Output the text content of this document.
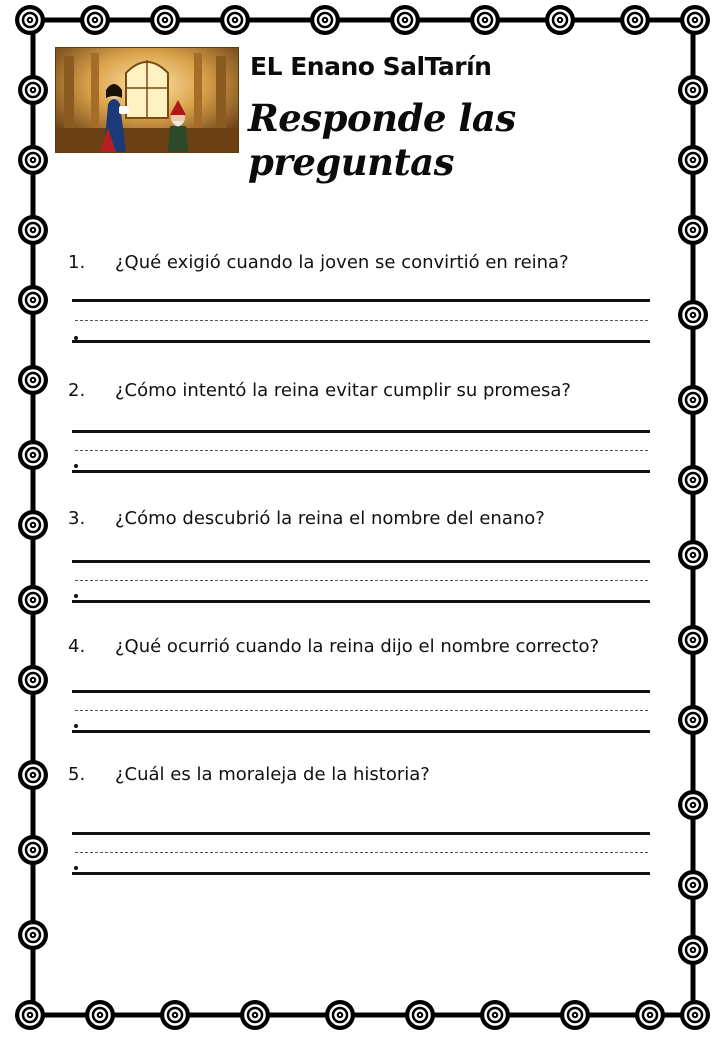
EL Enano SalTarín
Responde las preguntas
1. ¿Qué exigió cuando la joven se convirtió en reina?
2. ¿Cómo intentó la reina evitar cumplir su promesa?
3. ¿Cómo descubrió la reina el nombre del enano?
4. ¿Qué ocurrió cuando la reina dijo el nombre correcto?
5. ¿Cuál es la moraleja de la historia?
